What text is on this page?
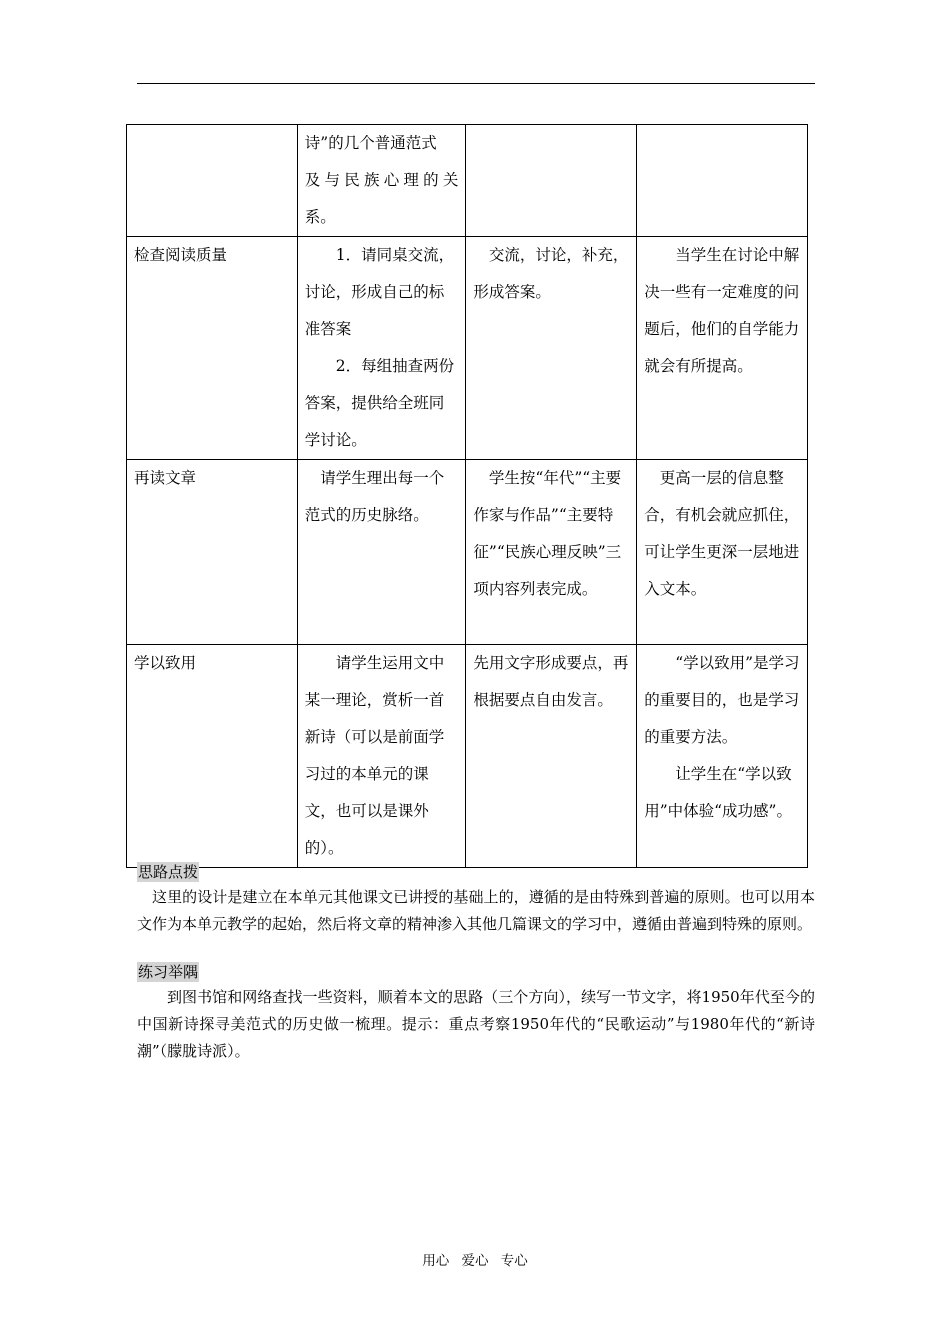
	诗”的几个普通范式

及与民族心理的关

系。		

检查阅读质量	1．请同桌交流，

讨论，形成自己的标准答案

2．每组抽查两份答案，提供给全班同学讨论。	交流，讨论，补充，形成答案。	当学生在讨论中解决一些有一定难度的问题后，他们的自学能力就会有所提高。

再读文章	请学生理出每一个范式的历史脉络。	学生按“年代”“主要作家与作品”“主要特征”“民族心理反映”三项内容列表完成。	更高一层的信息整合，有机会就应抓住，可让学生更深一层地进入文本。

学以致用	请学生运用文中某一理论，赏析一首新诗（可以是前面学习过的本单元的课文，也可以是课外的）。	先用文字形成要点，再根据要点自由发言。	“学以致用”是学习的重要目的，也是学习的重要方法。

让学生在“学以致用”中体验“成功感”。

思路点拨

这里的设计是建立在本单元其他课文已讲授的基础上的，遵循的是由特殊到普遍的原则。也可以用本文作为本单元教学的起始，然后将文章的精神渗入其他几篇课文的学习中，遵循由普遍到特殊的原则。

练习举隅

到图书馆和网络查找一些资料，顺着本文的思路（三个方向），续写一节文字，将1950年代至今的中国新诗探寻美范式的历史做一梳理。提示：重点考察1950年代的“民歌运动”与1980年代的“新诗潮”（朦胧诗派）。

用心 爱心 专心
